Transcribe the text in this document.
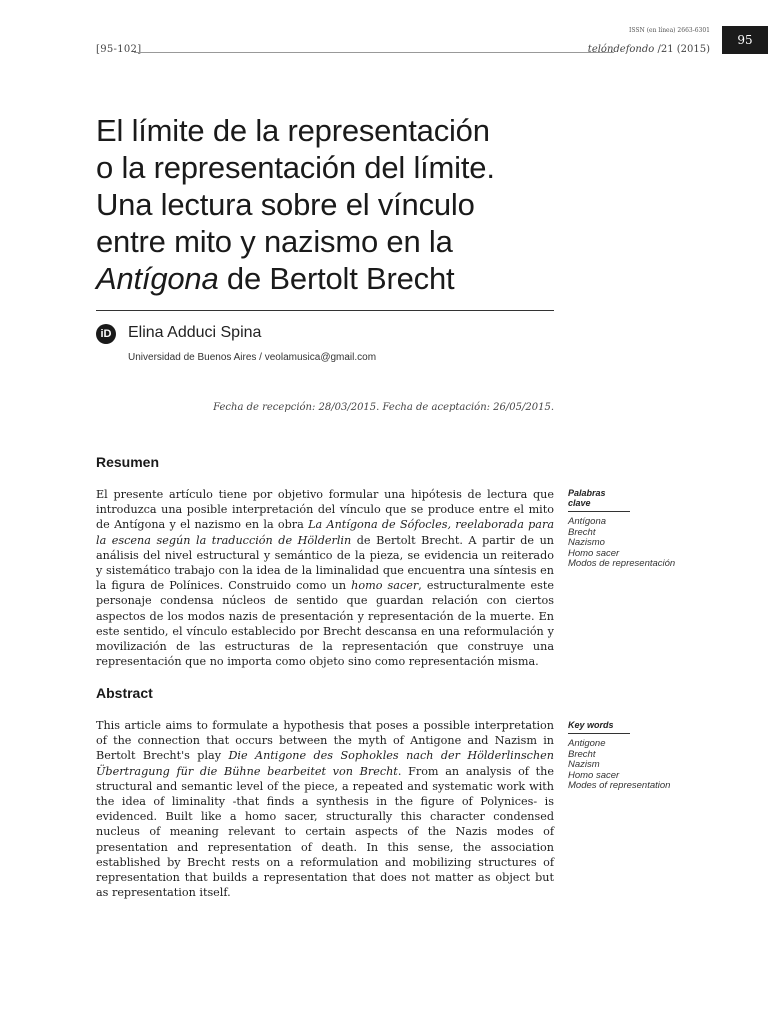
[95-102]
ISSN (en línea) 2663-6301
telóndefondo /21 (2015)
95
El límite de la representación
o la representación del límite.
Una lectura sobre el vínculo
entre mito y nazismo en la
Antígona de Bertolt Brecht
iD Elina Adduci Spina
Universidad de Buenos Aires / veolamusica@gmail.com
Fecha de recepción: 28/03/2015. Fecha de aceptación: 26/05/2015.
Resumen

El presente artículo tiene por objetivo formular una hipótesis de lectura que introduzca una posible interpretación del vínculo que se produce entre el mito de Antígona y el nazismo en la obra La Antígona de Sófocles, reelaborada para la escena según la traducción de Hölderlin de Bertolt Brecht. A partir de un análisis del nivel estructural y semántico de la pieza, se evidencia un reiterado y sistemático trabajo con la idea de la liminalidad que encuentra una síntesis en la figura de Polínices. Construido como un homo sacer, estructuralmente este personaje condensa núcleos de sentido que guardan relación con ciertos aspectos de los modos nazis de presentación y representación de la muerte. En este sentido, el vínculo establecido por Brecht descansa en una reformulación y movilización de las estructuras de la representación que construye una representación que no importa como objeto sino como representación misma.

Palabras clave
Antígona
Brecht
Nazismo
Homo sacer
Modos de representación
Abstract

This article aims to formulate a hypothesis that poses a possible interpretation of the connection that occurs between the myth of Antigone and Nazism in Bertolt Brecht's play Die Antigone des Sophokles nach der Hölderlinschen Übertragung für die Bühne bearbeitet von Brecht. From an analysis of the structural and semantic level of the piece, a repeated and systematic work with the idea of liminality -that finds a synthesis in the figure of Polynices- is evidenced. Built like a homo sacer, structurally this character condensed nucleus of meaning relevant to certain aspects of the Nazis modes of presentation and representation of death. In this sense, the association established by Brecht rests on a reformulation and mobilizing structures of representation that builds a representation that does not matter as object but as representation itself.

Key words
Antigone
Brecht
Nazism
Homo sacer
Modes of representation
